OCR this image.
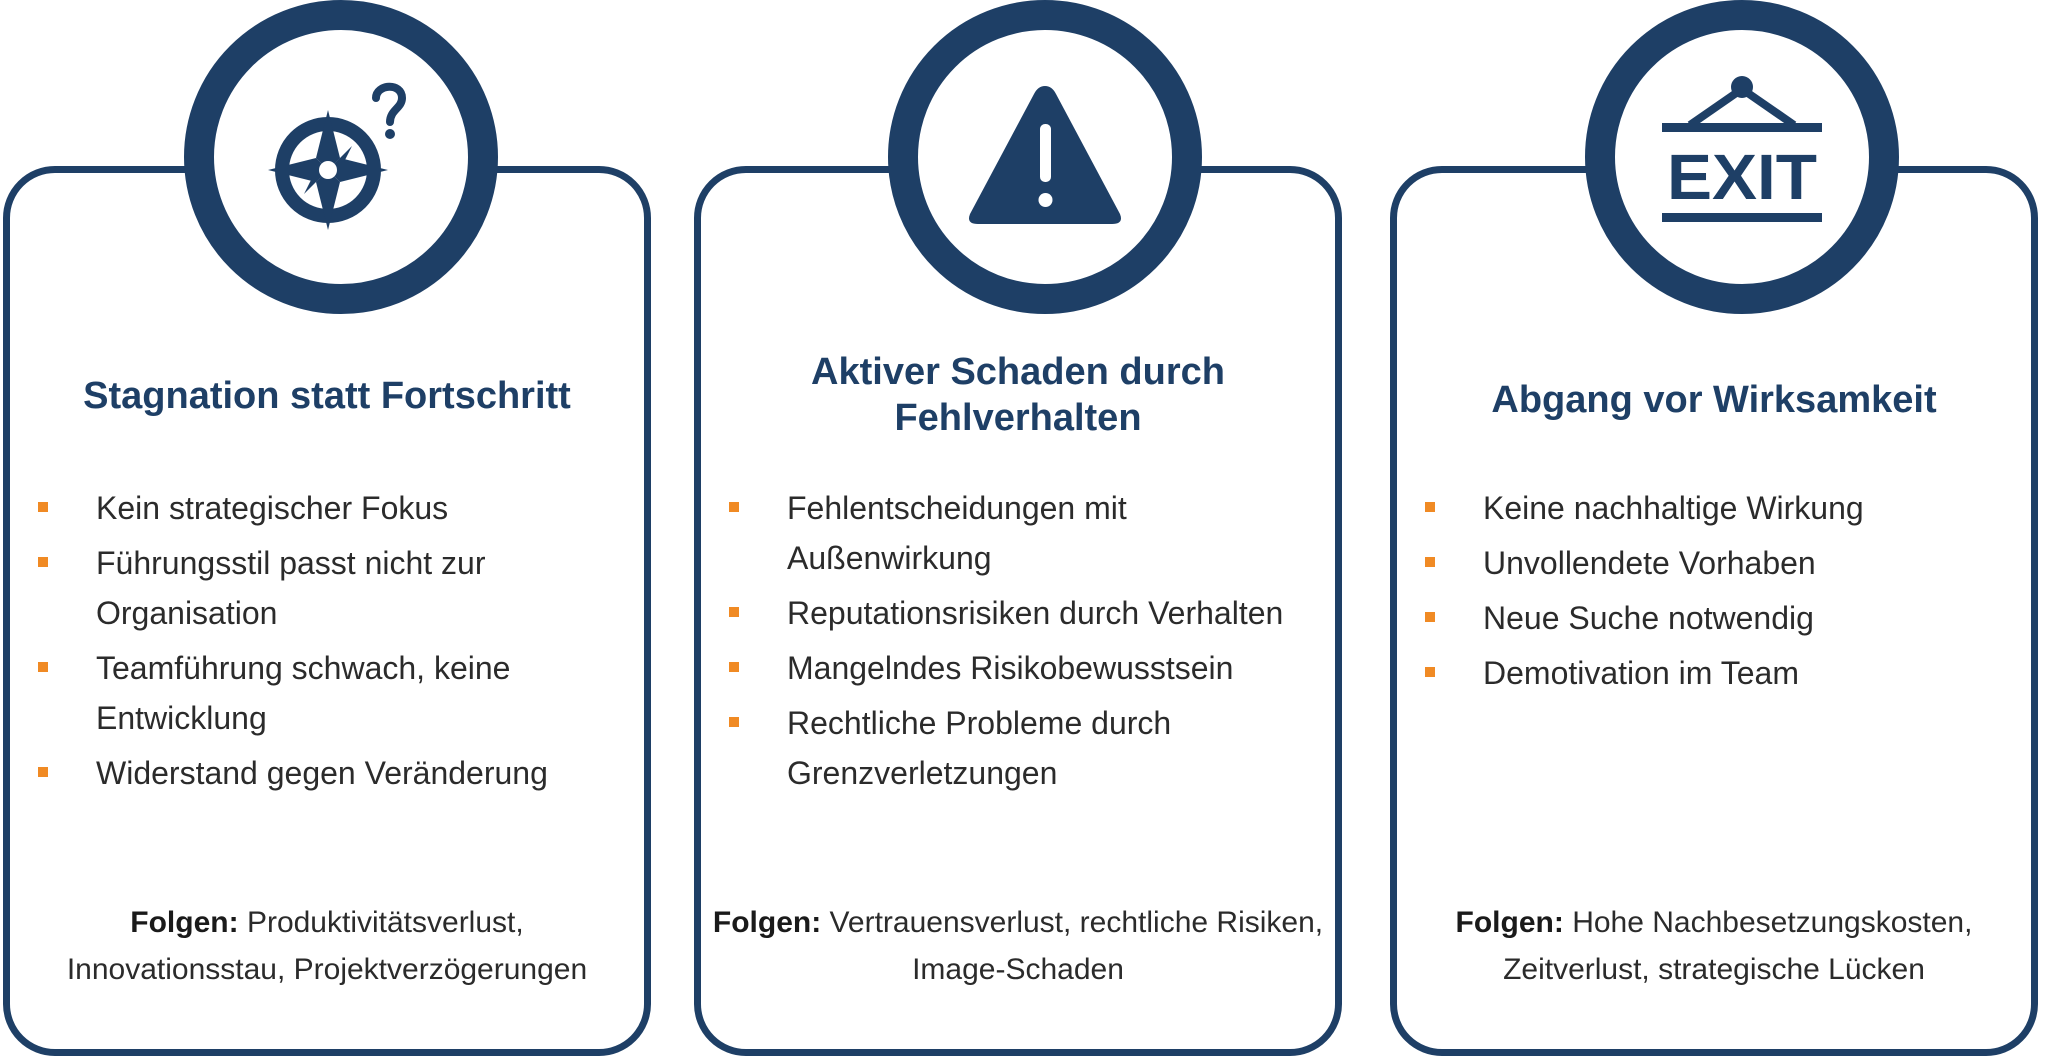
Stagnation statt Fortschritt

Kein strategischer Fokus
Führungsstil passt nicht zur Organisation
Teamführung schwach, keine Entwicklung
Widerstand gegen Veränderung

Folgen: Produktivitätsverlust, Innovationsstau, Projektverzögerungen

Aktiver Schaden durch Fehlverhalten

Fehlentscheidungen mit Außenwirkung
Reputationsrisiken durch Verhalten
Mangelndes Risikobewusstsein
Rechtliche Probleme durch Grenzverletzungen

Folgen: Vertrauensverlust, rechtliche Risiken, Image-Schaden

Abgang vor Wirksamkeit

Keine nachhaltige Wirkung
Unvollendete Vorhaben
Neue Suche notwendig
Demotivation im Team

Folgen: Hohe Nachbesetzungskosten, Zeitverlust, strategische Lücken

EXIT
